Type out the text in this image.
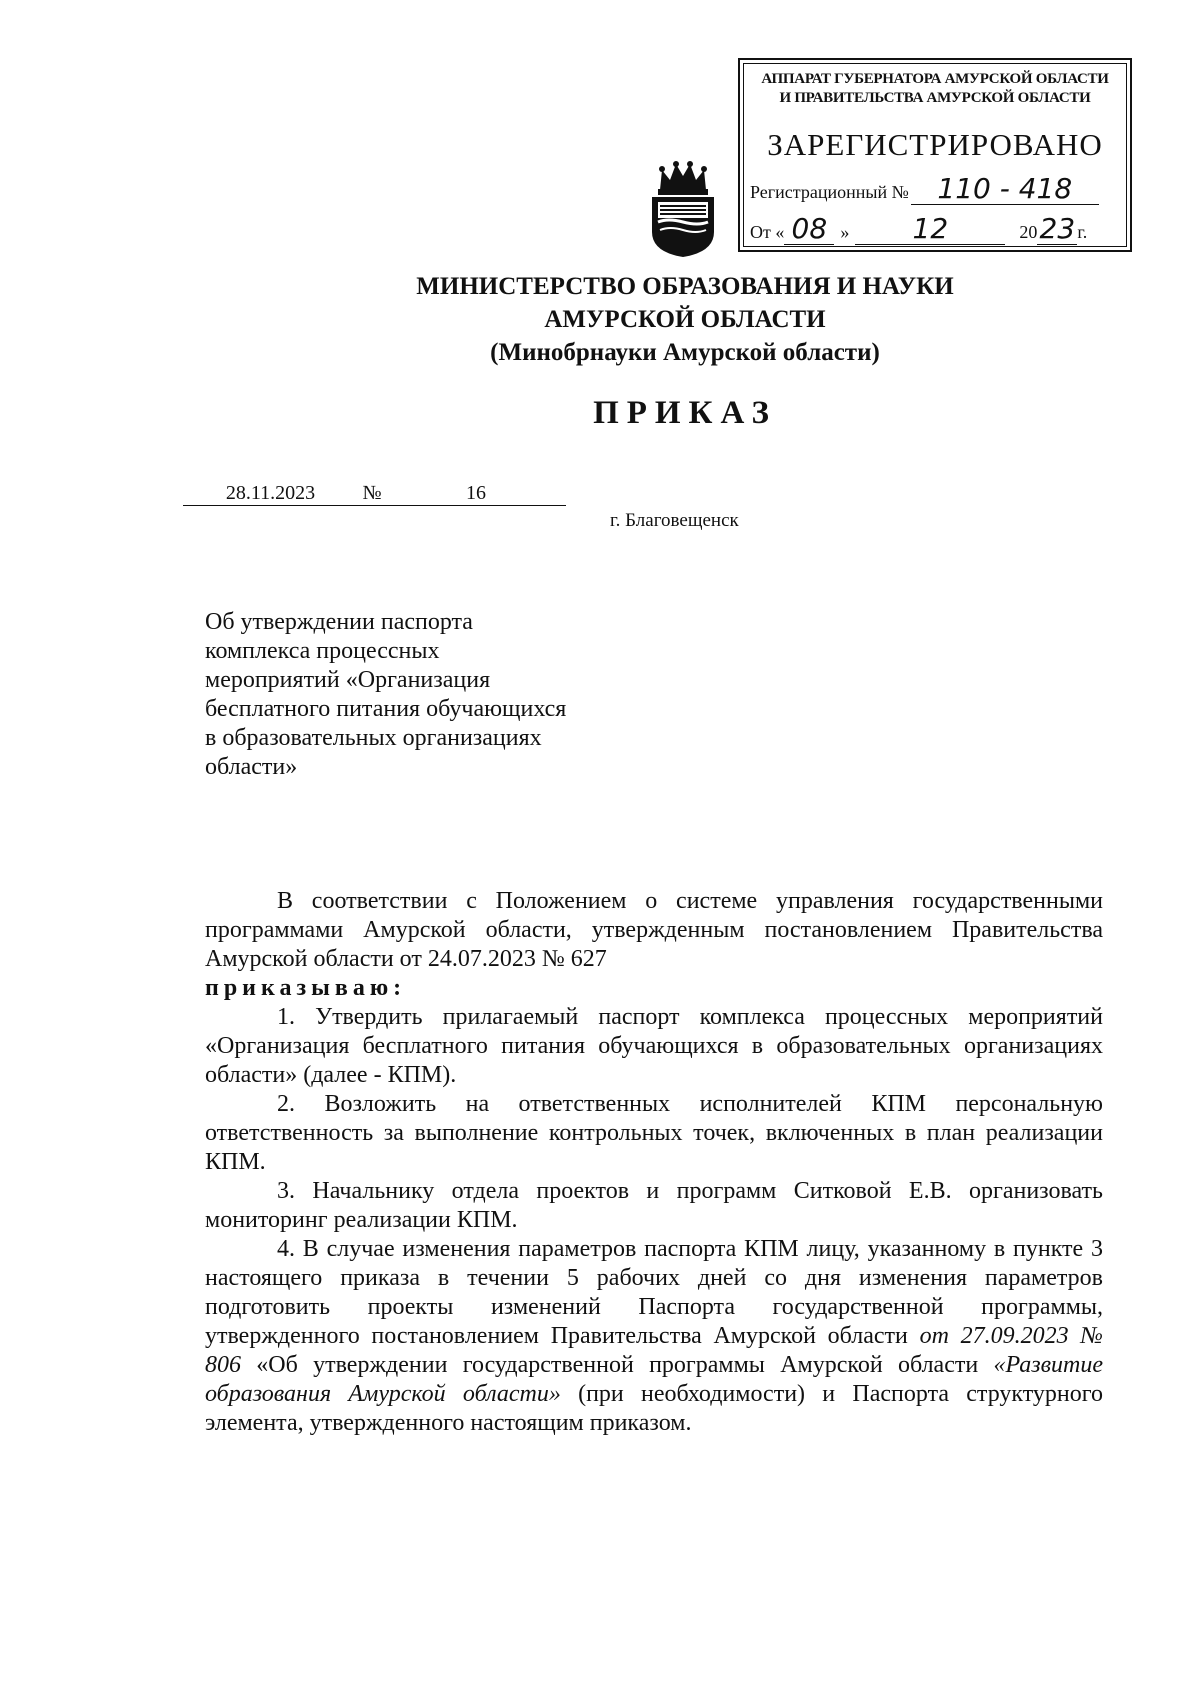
АППАРАТ ГУБЕРНАТОРА АМУРСКОЙ ОБЛАСТИ
И ПРАВИТЕЛЬСТВА АМУРСКОЙ ОБЛАСТИ
ЗАРЕГИСТРИРОВАНО
Регистрационный № 110 - 418
От « 08 » 12	2023 г.
МИНИСТЕРСТВО ОБРАЗОВАНИЯ И НАУКИ
АМУРСКОЙ ОБЛАСТИ
(Минобрнауки Амурской области)
ПРИКАЗ
28.11.2023 №	16
г. Благовещенск
Об утверждении паспорта
комплекса процессных
мероприятий «Организация
бесплатного питания обучающихся
в образовательных организациях
области»

В соответствии с Положением о системе управления государственными программами Амурской области, утвержденным постановлением Правительства Амурской области от 24.07.2023 № 627

приказываю:

1. Утвердить прилагаемый паспорт комплекса процессных мероприятий «Организация бесплатного питания обучающихся в образовательных организациях области» (далее - КПМ).

2. Возложить на ответственных исполнителей КПМ персональную ответственность за выполнение контрольных точек, включенных в план реализации КПМ.

3. Начальнику отдела проектов и программ Ситковой Е.В. организовать мониторинг реализации КПМ.

4. В случае изменения параметров паспорта КПМ лицу, указанному в пункте 3 настоящего приказа в течении 5 рабочих дней со дня изменения параметров подготовить проекты изменений Паспорта государственной программы, утвержденного постановлением Правительства Амурской области от 27.09.2023 № 806 «Об утверждении государственной программы Амурской области «Развитие образования Амурской области» (при необходимости) и Паспорта структурного элемента, утвержденного настоящим приказом.
